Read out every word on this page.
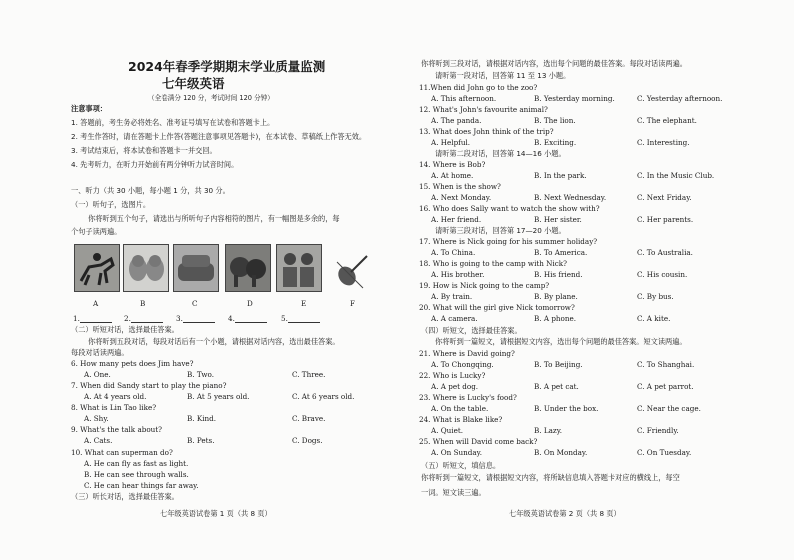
2024年春季学期期末学业质量监测
七年级英语
（全卷满分 120 分，考试时间 120 分钟）
注意事项：
1. 答题前，考生务必将姓名、准考证号填写在试卷和答题卡上。
2. 考生作答时，请在答题卡上作答(答题注意事项见答题卡)，在本试卷、草稿纸上作答无效。
3. 考试结束后，将本试卷和答题卡一并交回。
4. 先考听力，在听力开始前有两分钟听力试音时间。
一、听力（共 30 小题，每小题 1 分，共 30 分。
（一）听句子，选图片。
你将听到五个句子，请选出与所听句子内容相符的图片，有一幅图是多余的，每
个句子读两遍。
A	B	C	D	E	F
1.	2.	3.	4.	5.
（二）听短对话，选择最佳答案。
你将听到五段对话，每段对话后有一个小题，请根据对话内容，选出最佳答案。
每段对话读两遍。
6. How many pets does Jim have?
A. One.	B. Two.	C. Three.
7. When did Sandy start to play the piano?
A. At 4 years old.	B. At 5 years old.	C. At 6 years old.
8. What is Lin Tao like?
A. Shy.	B. Kind.	C. Brave.
9. What's the talk about?
A. Cats.	B. Pets.	C. Dogs.
10. What can superman do?
A. He can fly as fast as light.
B. He can see through walls.
C. He can hear things far away.
（三）听长对话，选择最佳答案。
七年级英语试卷第 1 页（共 8 页）
你将听到三段对话，请根据对话内容，选出每个问题的最佳答案。每段对话读两遍。
请听第一段对话，回答第 11 至 13 小题。
11.When did John go to the zoo?
A. This afternoon.	B. Yesterday morning.	C. Yesterday afternoon.
12. What's John's favourite animal?
A. The panda.	B. The lion.	C. The elephant.
13. What does John think of the trip?
A. Helpful.	B. Exciting.	C. Interesting.
请听第二段对话，回答第 14—16 小题。
14. Where is Bob?
A. At home.	B. In the park.	C. In the Music Club.
15. When is the show?
A. Next Monday.	B. Next Wednesday.	C. Next Friday.
16. Who does Sally want to watch the show with?
A. Her friend.	B. Her sister.	C. Her parents.
请听第三段对话，回答第 17—20 小题。
17. Where is Nick going for his summer holiday?
A. To China.	B. To America.	C. To Australia.
18. Who is going to the camp with Nick?
A. His brother.	B. His friend.	C. His cousin.
19. How is Nick going to the camp?
A. By train.	B. By plane.	C. By bus.
20. What will the girl give Nick tomorrow?
A. A camera.	B. A phone.	C. A kite.
（四）听短文，选择最佳答案。
你将听到一篇短文，请根据短文内容，选出每个问题的最佳答案。短文读两遍。
21. Where is David going?
A. To Chongqing.	B. To Beijing.	C. To Shanghai.
22. Who is Lucky?
A. A pet dog.	B. A pet cat.	C. A pet parrot.
23. Where is Lucky's food?
A. On the table.	B. Under the box.	C. Near the cage.
24. What is Blake like?
A. Quiet.	B. Lazy.	C. Friendly.
25. When will David come back?
A. On Sunday.	B. On Monday.	C. On Tuesday.
（五）听短文，填信息。
你将听到一篇短文，请根据短文内容，将所缺信息填入答题卡对应的横线上，每空
一词。短文读三遍。
七年级英语试卷第 2 页（共 8 页）
